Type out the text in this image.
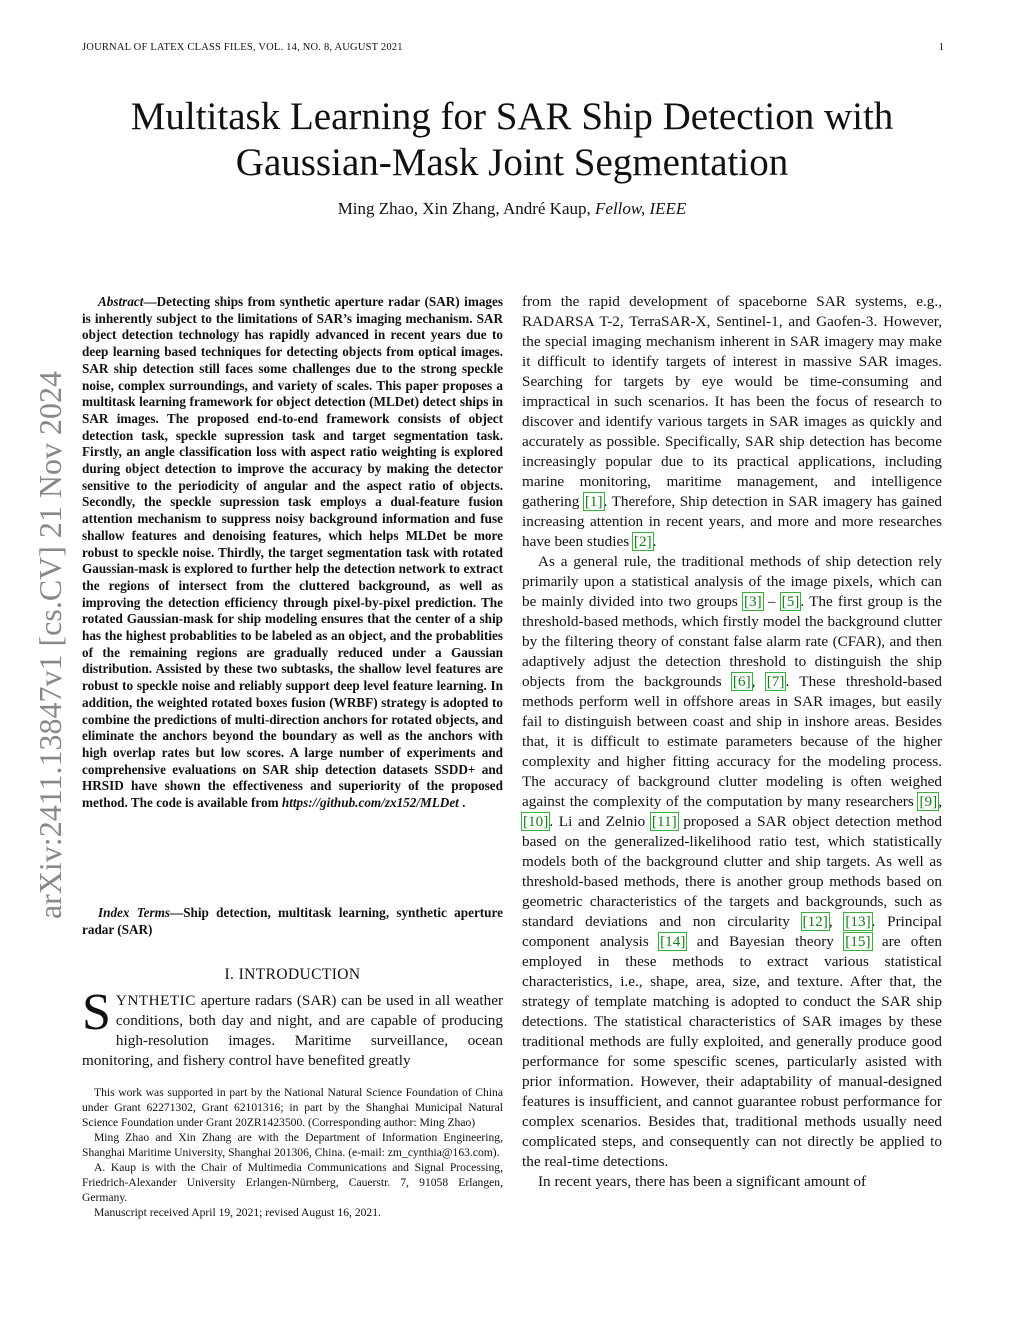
JOURNAL OF LATEX CLASS FILES, VOL. 14, NO. 8, AUGUST 2021	1
arXiv:2411.13847v1 [cs.CV] 21 Nov 2024
Multitask Learning for SAR Ship Detection with Gaussian-Mask Joint Segmentation
Ming Zhao, Xin Zhang, André Kaup, Fellow, IEEE

Abstract—Detecting ships from synthetic aperture radar (SAR) images is inherently subject to the limitations of SAR’s imaging mechanism. SAR object detection technology has rapidly advanced in recent years due to deep learning based techniques for detecting objects from optical images. SAR ship detection still faces some challenges due to the strong speckle noise, complex surroundings, and variety of scales. This paper proposes a multitask learning framework for object detection (MLDet) detect ships in SAR images. The proposed end-to-end framework consists of object detection task, speckle supression task and target segmentation task. Firstly, an angle classification loss with aspect ratio weighting is explored during object detection to improve the accuracy by making the detector sensitive to the periodicity of angular and the aspect ratio of objects. Secondly, the speckle supression task employs a dual-feature fusion attention mechanism to suppress noisy background information and fuse shallow features and denoising features, which helps MLDet be more robust to speckle noise. Thirdly, the target segmentation task with rotated Gaussian-mask is explored to further help the detection network to extract the regions of intersect from the cluttered background, as well as improving the detection efficiency through pixel-by-pixel prediction. The rotated Gaussian-mask for ship modeling ensures that the center of a ship has the highest probablities to be labeled as an object, and the probablities of the remaining regions are gradually reduced under a Gaussian distribution. Assisted by these two subtasks, the shallow level features are robust to speckle noise and reliably support deep level feature learning. In addition, the weighted rotated boxes fusion (WRBF) strategy is adopted to combine the predictions of multi-direction anchors for rotated objects, and eliminate the anchors beyond the boundary as well as the anchors with high overlap rates but low scores. A large number of experiments and comprehensive evaluations on SAR ship detection datasets SSDD+ and HRSID have shown the effectiveness and superiority of the proposed method. The code is available from https://github.com/zx152/MLDet .

Index Terms—Ship detection, multitask learning, synthetic aperture radar (SAR)

I. INTRODUCTION

SYNTHETIC aperture radars (SAR) can be used in all weather conditions, both day and night, and are capable of producing high-resolution images. Maritime surveillance, ocean monitoring, and fishery control have benefited greatly

This work was supported in part by the National Natural Science Foundation of China under Grant 62271302, Grant 62101316; in part by the Shanghai Municipal Natural Science Foundation under Grant 20ZR1423500. (Corresponding author: Ming Zhao)

Ming Zhao and Xin Zhang are with the Department of Information Engineering, Shanghai Maritime University, Shanghai 201306, China. (e-mail: zm_cynthia@163.com).

A. Kaup is with the Chair of Multimedia Communications and Signal Processing, Friedrich-Alexander University Erlangen-Nürnberg, Cauerstr. 7, 91058 Erlangen, Germany.

Manuscript received April 19, 2021; revised August 16, 2021.

from the rapid development of spaceborne SAR systems, e.g., RADARSA T-2, TerraSAR-X, Sentinel-1, and Gaofen-3. However, the special imaging mechanism inherent in SAR imagery may make it difficult to identify targets of interest in massive SAR images. Searching for targets by eye would be time-consuming and impractical in such scenarios. It has been the focus of research to discover and identify various targets in SAR images as quickly and accurately as possible. Specifically, SAR ship detection has become increasingly popular due to its practical applications, including marine monitoring, maritime management, and intelligence gathering [1]. Therefore, Ship detection in SAR imagery has gained increasing attention in recent years, and more and more researches have been studies [2].

As a general rule, the traditional methods of ship detection rely primarily upon a statistical analysis of the image pixels, which can be mainly divided into two groups [3] – [5]. The first group is the threshold-based methods, which firstly model the background clutter by the filtering theory of constant false alarm rate (CFAR), and then adaptively adjust the detection threshold to distinguish the ship objects from the backgrounds [6], [7]. These threshold-based methods perform well in offshore areas in SAR images, but easily fail to distinguish between coast and ship in inshore areas. Besides that, it is difficult to estimate parameters because of the higher complexity and higher fitting accuracy for the modeling process. The accuracy of background clutter modeling is often weighed against the complexity of the computation by many researchers [9], [10]. Li and Zelnio [11] proposed a SAR object detection method based on the generalized-likelihood ratio test, which statistically models both of the background clutter and ship targets. As well as threshold-based methods, there is another group methods based on geometric characteristics of the targets and backgrounds, such as standard deviations and non circularity [12], [13]. Principal component analysis [14] and Bayesian theory [15] are often employed in these methods to extract various statistical characteristics, i.e., shape, area, size, and texture. After that, the strategy of template matching is adopted to conduct the SAR ship detections. The statistical characteristics of SAR images by these traditional methods are fully exploited, and generally produce good performance for some spescific scenes, particularly asisted with prior information. However, their adaptability of manual-designed features is insufficient, and cannot guarantee robust performance for complex scenarios. Besides that, traditional methods usually need complicated steps, and consequently can not directly be applied to the real-time detections.

In recent years, there has been a significant amount of
